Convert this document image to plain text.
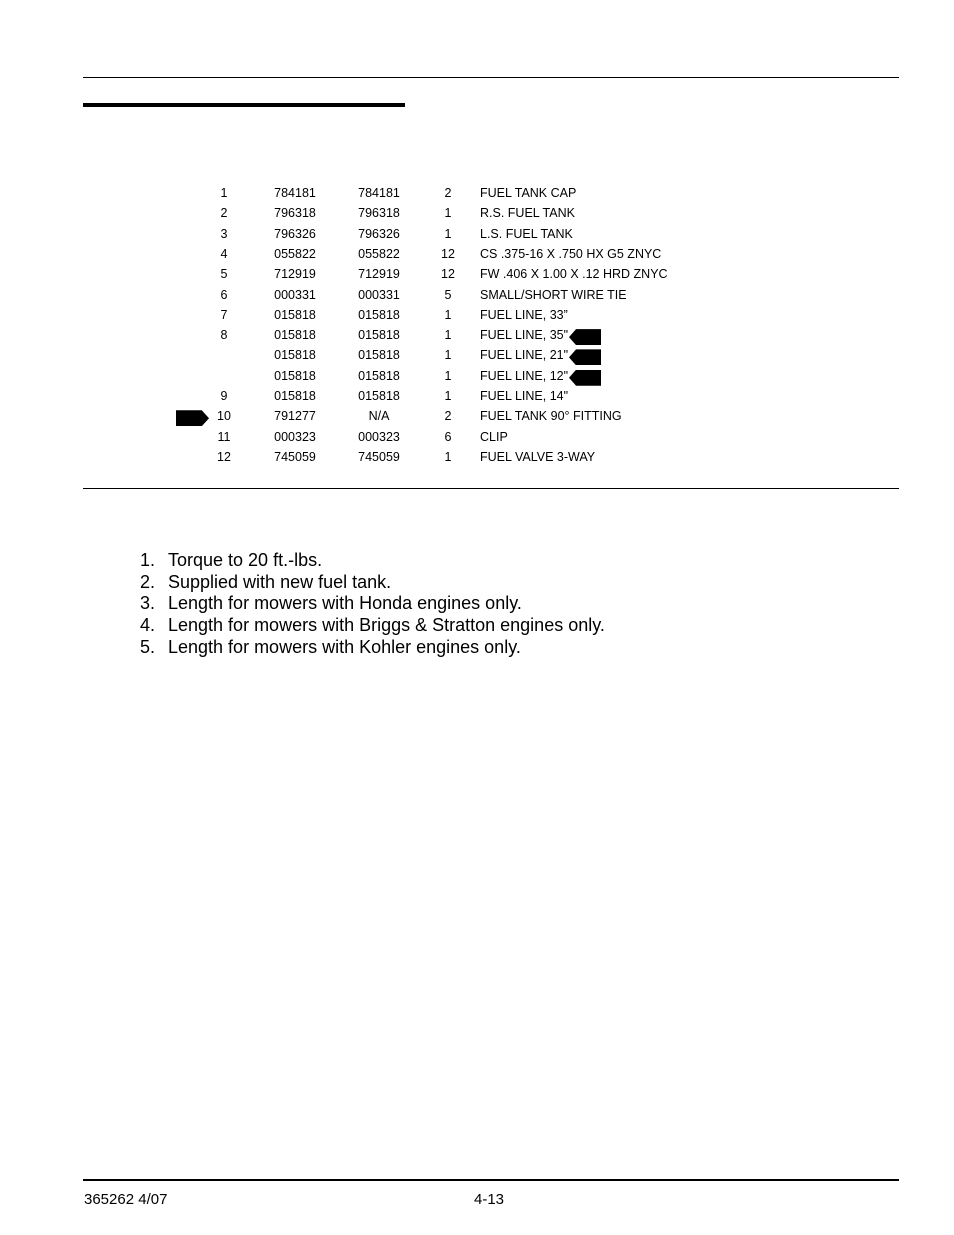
1	784181	784181	2	FUEL TANK CAP
2	796318	796318	1	R.S. FUEL TANK
3	796326	796326	1	L.S. FUEL TANK
4	055822	055822	12	CS .375-16 X .750 HX G5 ZNYC
5	712919	712919	12	FW .406 X 1.00 X .12 HRD ZNYC
6	000331	000331	5	SMALL/SHORT WIRE TIE
7	015818	015818	1	FUEL LINE, 33”
8	015818	015818	1	FUEL LINE, 35"
015818	015818	1	FUEL LINE, 21"
015818	015818	1	FUEL LINE, 12"
9	015818	015818	1	FUEL LINE, 14"
10	791277	N/A	2	FUEL TANK 90° FITTING
11	000323	000323	6	CLIP
12	745059	745059	1	FUEL VALVE 3-WAY
1. Torque to 20 ft.-lbs.
2. Supplied with new fuel tank.
3. Length for mowers with Honda engines only.
4. Length for mowers with Briggs & Stratton engines only.
5. Length for mowers with Kohler engines only.
365262 4/07	4-13
